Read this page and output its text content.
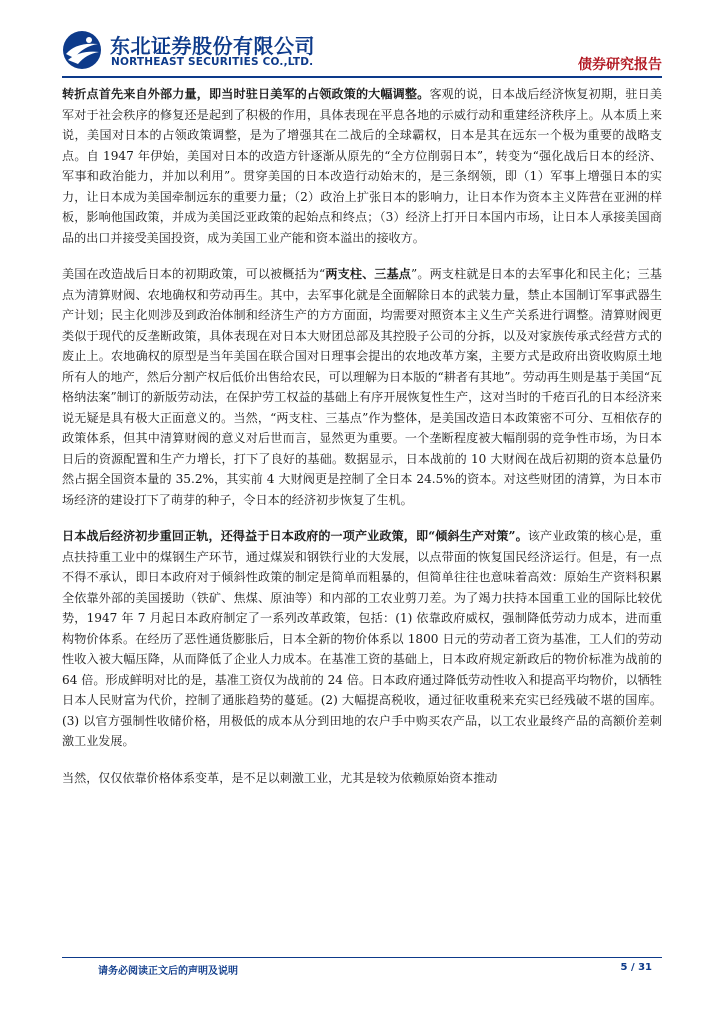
东北证券股份有限公司
NORTHEAST SECURITIES CO.,LTD.	债券研究报告

转折点首先来自外部力量，即当时驻日美军的占领政策的大幅调整。客观的说，日本战后经济恢复初期，驻日美军对于社会秩序的修复还是起到了积极的作用，具体表现在平息各地的示威行动和重建经济秩序上。从本质上来说，美国对日本的占领政策调整，是为了增强其在二战后的全球霸权，日本是其在远东一个极为重要的战略支点。自 1947 年伊始，美国对日本的改造方针逐渐从原先的“全方位削弱日本”，转变为“强化战后日本的经济、军事和政治能力，并加以利用”。贯穿美国的日本改造行动始末的，是三条纲领，即（1）军事上增强日本的实力，让日本成为美国牵制远东的重要力量；（2）政治上扩张日本的影响力，让日本作为资本主义阵营在亚洲的样板，影响他国政策，并成为美国泛亚政策的起始点和终点；（3）经济上打开日本国内市场，让日本人承接美国商品的出口并接受美国投资，成为美国工业产能和资本溢出的接收方。

美国在改造战后日本的初期政策，可以被概括为“两支柱、三基点”。两支柱就是日本的去军事化和民主化；三基点为清算财阀、农地确权和劳动再生。其中，去军事化就是全面解除日本的武装力量，禁止本国制订军事武器生产计划；民主化则涉及到政治体制和经济生产的方方面面，均需要对照资本主义生产关系进行调整。清算财阀更类似于现代的反垄断政策，具体表现在对日本大财团总部及其控股子公司的分拆，以及对家族传承式经营方式的废止上。农地确权的原型是当年美国在联合国对日理事会提出的农地改革方案，主要方式是政府出资收购原土地所有人的地产，然后分割产权后低价出售给农民，可以理解为日本版的“耕者有其地”。劳动再生则是基于美国“瓦格纳法案”制订的新版劳动法，在保护劳工权益的基础上有序开展恢复性生产，这对当时的千疮百孔的日本经济来说无疑是具有极大正面意义的。当然，“两支柱、三基点”作为整体，是美国改造日本政策密不可分、互相依存的政策体系，但其中清算财阀的意义对后世而言，显然更为重要。一个垄断程度被大幅削弱的竞争性市场，为日本日后的资源配置和生产力增长，打下了良好的基础。数据显示，日本战前的 10 大财阀在战后初期的资本总量仍然占据全国资本量的 35.2%，其实前 4 大财阀更是控制了全日本 24.5%的资本。对这些财团的清算，为日本市场经济的建设打下了萌芽的种子，令日本的经济初步恢复了生机。

日本战后经济初步重回正轨，还得益于日本政府的一项产业政策，即“倾斜生产对策”。该产业政策的核心是，重点扶持重工业中的煤钢生产环节，通过煤炭和钢铁行业的大发展，以点带面的恢复国民经济运行。但是，有一点不得不承认，即日本政府对于倾斜性政策的制定是简单而粗暴的，但简单往往也意味着高效：原始生产资料积累全依靠外部的美国援助（铁矿、焦煤、原油等）和内部的工农业剪刀差。为了竭力扶持本国重工业的国际比较优势，1947 年 7 月起日本政府制定了一系列改革政策，包括：(1) 依靠政府威权，强制降低劳动力成本，进而重构物价体系。在经历了恶性通货膨胀后，日本全新的物价体系以 1800 日元的劳动者工资为基准，工人们的劳动性收入被大幅压降，从而降低了企业人力成本。在基准工资的基础上，日本政府规定新政后的物价标准为战前的 64 倍。形成鲜明对比的是，基准工资仅为战前的 24 倍。日本政府通过降低劳动性收入和提高平均物价，以牺牲日本人民财富为代价，控制了通胀趋势的蔓延。(2) 大幅提高税收，通过征收重税来充实已经残破不堪的国库。(3) 以官方强制性收储价格，用极低的成本从分到田地的农户手中购买农产品，以工农业最终产品的高额价差刺激工业发展。

当然，仅仅依靠价格体系变革，是不足以刺激工业，尤其是较为依赖原始资本推动

请务必阅读正文后的声明及说明	5 / 31
